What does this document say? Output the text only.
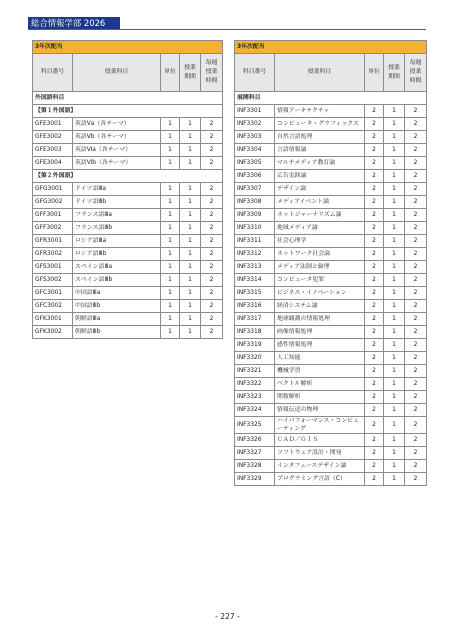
総合情報学部 2026
3年次配当				
科目番号	授業科目	単位	授業期間	毎週授業時間
外国語科目				
【第１外国語】				
GFE3001	英語Ⅴa（各テーマ）	1	1	2
GFE3002	英語Ⅴb（各テーマ）	1	1	2
GFE3003	英語Ⅵa（各テーマ）	1	1	2
GFE3004	英語Ⅵb（各テーマ）	1	1	2
【第２外国語】				
GFG3001	ドイツ語Ⅲa	1	1	2
GFG3002	ドイツ語Ⅲb	1	1	2
GFF3001	フランス語Ⅲa	1	1	2
GFF3002	フランス語Ⅲb	1	1	2
GFR3001	ロシア語Ⅲa	1	1	2
GFR3002	ロシア語Ⅲb	1	1	2
GFS3001	スペイン語Ⅲa	1	1	2
GFS3002	スペイン語Ⅲb	1	1	2
GFC3001	中国語Ⅲa	1	1	2
GFC3002	中国語Ⅲb	1	1	2
GFK3001	朝鮮語Ⅲa	1	1	2
GFK3002	朝鮮語Ⅲb	1	1	2
3年次配当				
科目番号	授業科目	単位	授業期間	毎週授業時間
展開科目				
INF3301	情報アーキテクチャ	2	1	2
INF3302	コンピュータ・グラフィックス	2	1	2
INF3303	自然言語処理	2	1	2
INF3304	言語情報論	2	1	2
INF3305	マルチメディア教育論	2	1	2
INF3306	広告実践論	2	1	2
INF3307	デザイン論	2	1	2
INF3308	メディアイベント論	2	1	2
INF3309	ネットジャーナリズム論	2	1	2
INF3310	地域メディア論	2	1	2
INF3311	社会心理学	2	1	2
INF3312	ネットワーク社会論	2	1	2
INF3313	メディア法制と倫理	2	1	2
INF3314	コンピュータ犯罪	2	1	2
INF3315	ビジネス・イノベーション	2	1	2
INF3316	経済システム論	2	1	2
INF3317	地球観測の情報処理	2	1	2
INF3318	画像情報処理	2	1	2
INF3319	感性情報処理	2	1	2
INF3320	人工知能	2	1	2
INF3321	機械学習	2	1	2
INF3322	ベクトル解析	2	1	2
INF3323	関数解析	2	1	2
INF3324	情報伝送の物理	2	1	2
INF3325	ハイパフォーマンス・コンピューティング	2	1	2
INF3326	ＣＡＤ／ＧＩＳ	2	1	2
INF3327	ソフトウェア設計・開発	2	1	2
INF3328	インタフェースデザイン論	2	1	2
INF3329	プログラミング言語（C）	2	1	2
- 227 -
